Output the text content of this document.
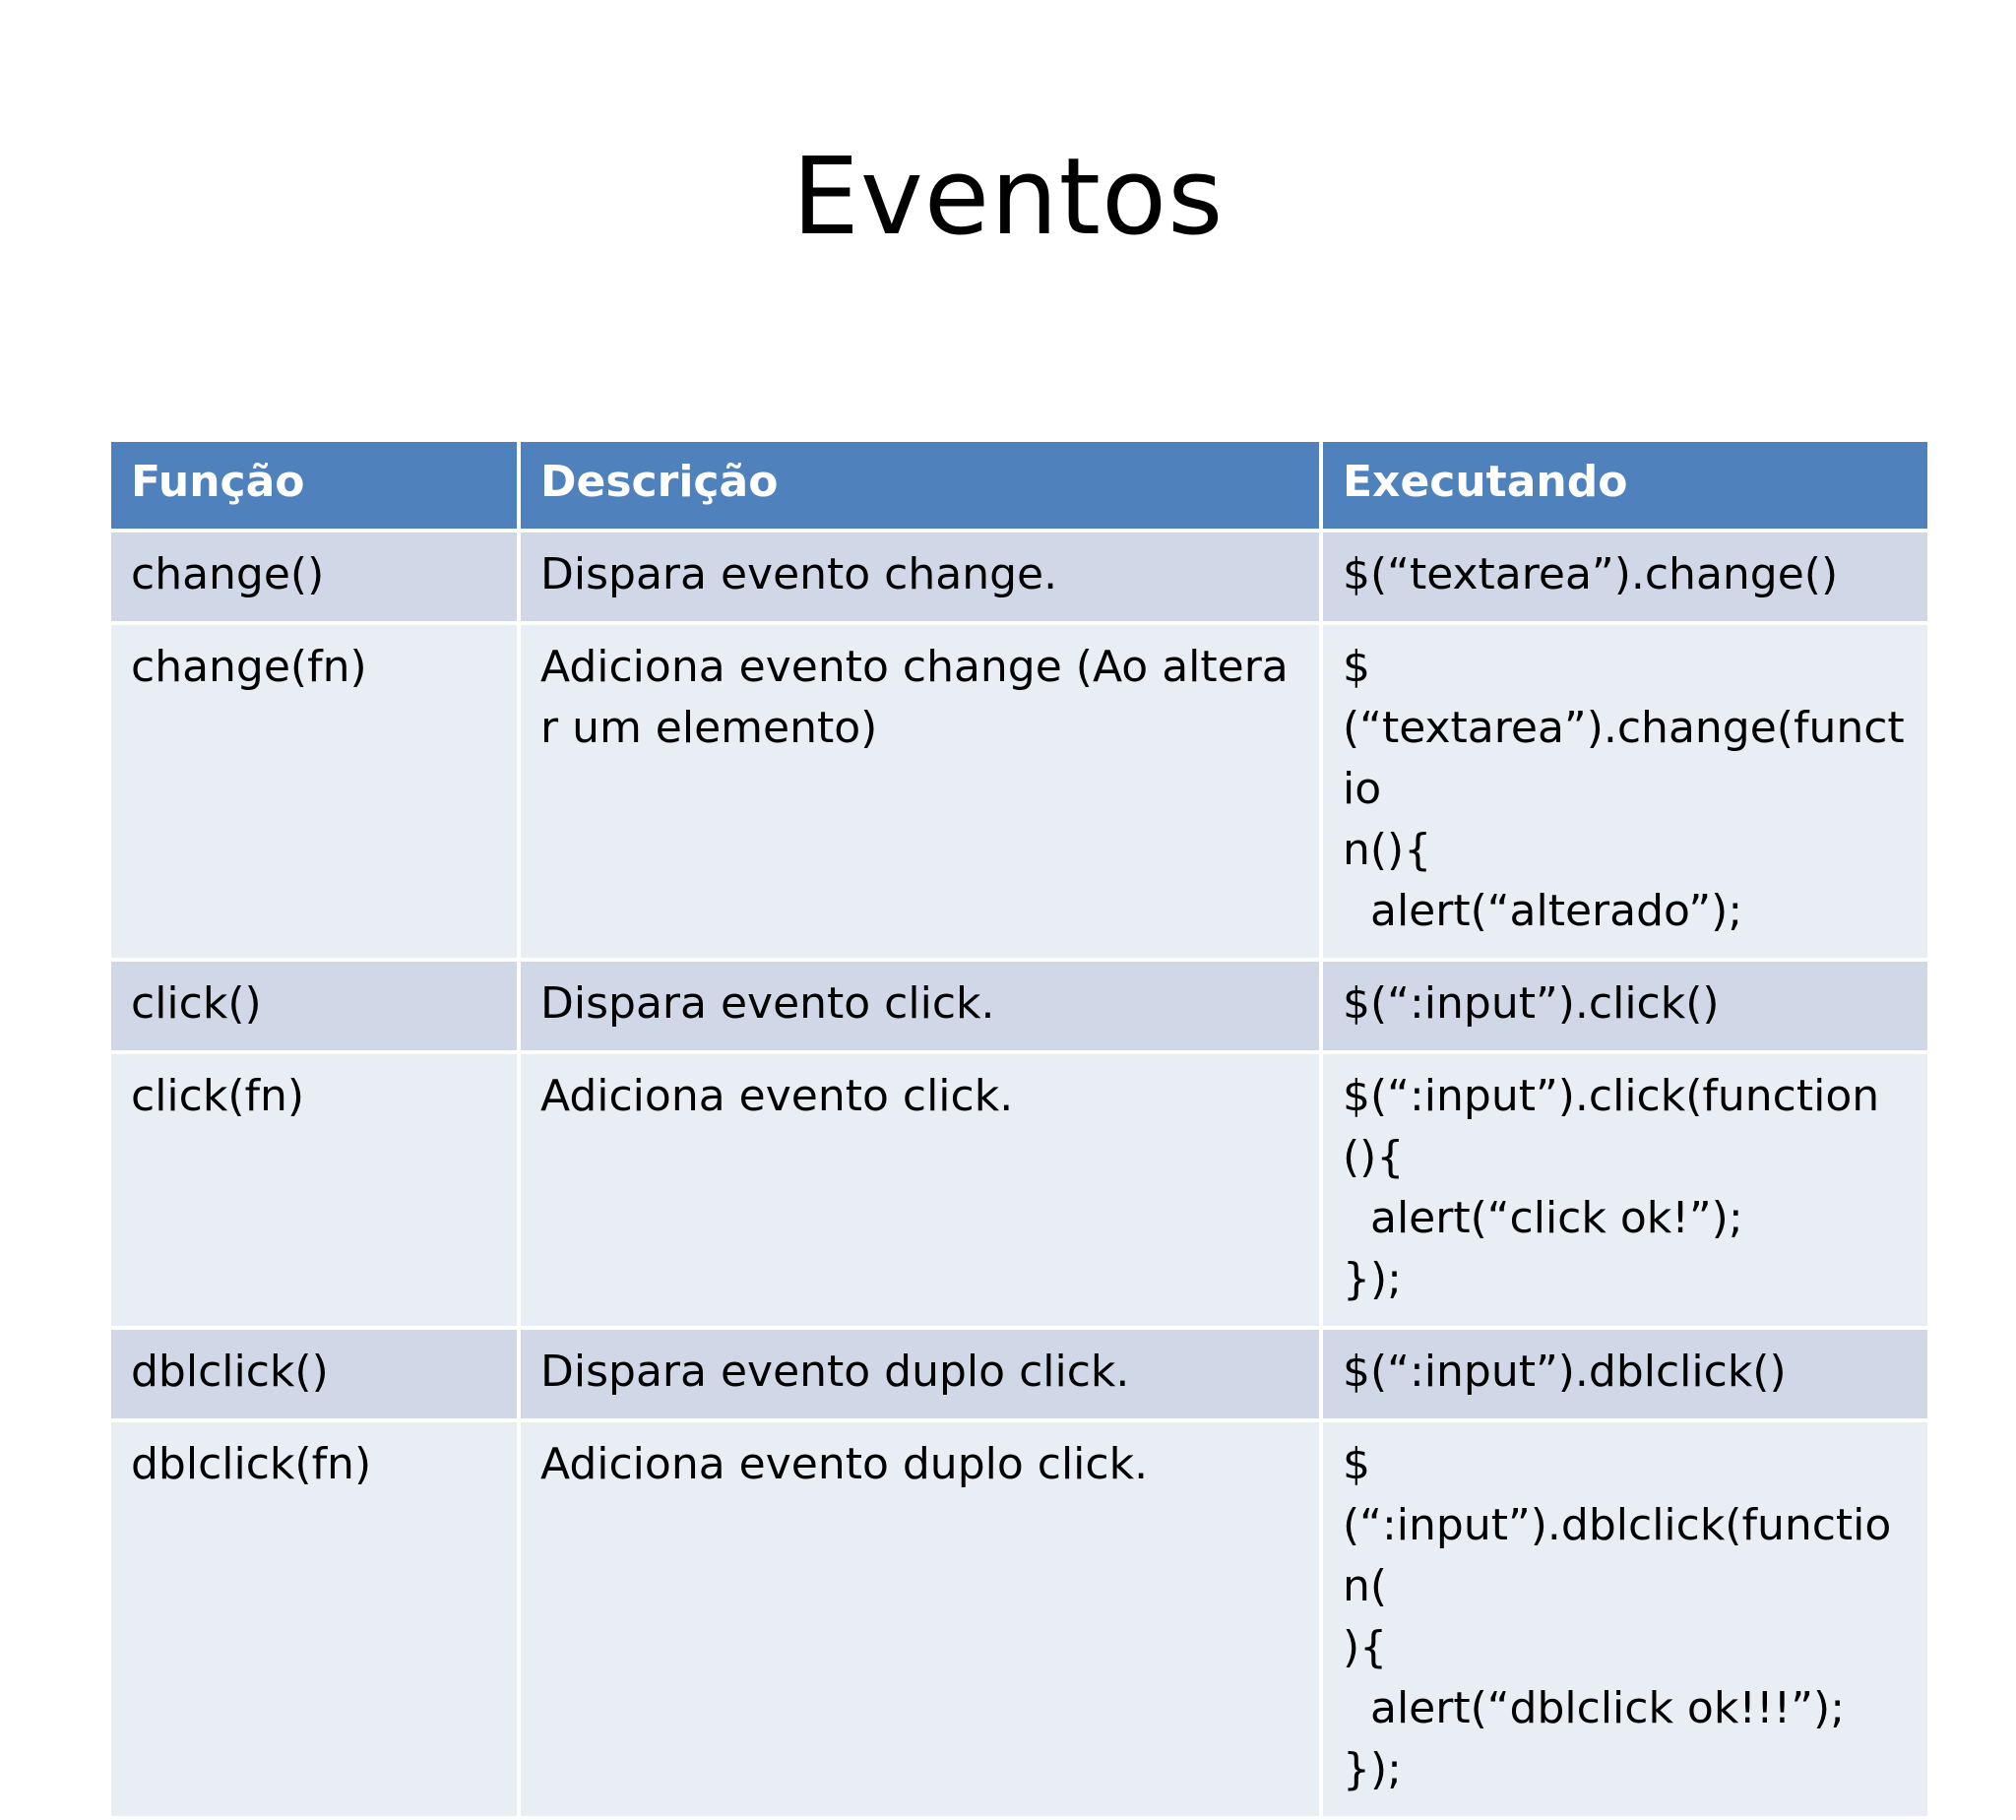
Eventos
Função	Descrição	Executando
change()	Dispara evento change.	$(“textarea”).change()
change(fn)	Adiciona evento change (Ao alterar um elemento)	$
(“textarea”).change(functio
n(){
alert(“alterado”);
click()	Dispara evento click.	$(“:input”).click()
click(fn)	Adiciona evento click.	$(“:input”).click(function(){
alert(“click ok!”);
});
dblclick()	Dispara evento duplo click.	$(“:input”).dblclick()
dblclick(fn)	Adiciona evento duplo click.	$
(“:input”).dblclick(function(
){
alert(“dblclick ok!!!”);
});
